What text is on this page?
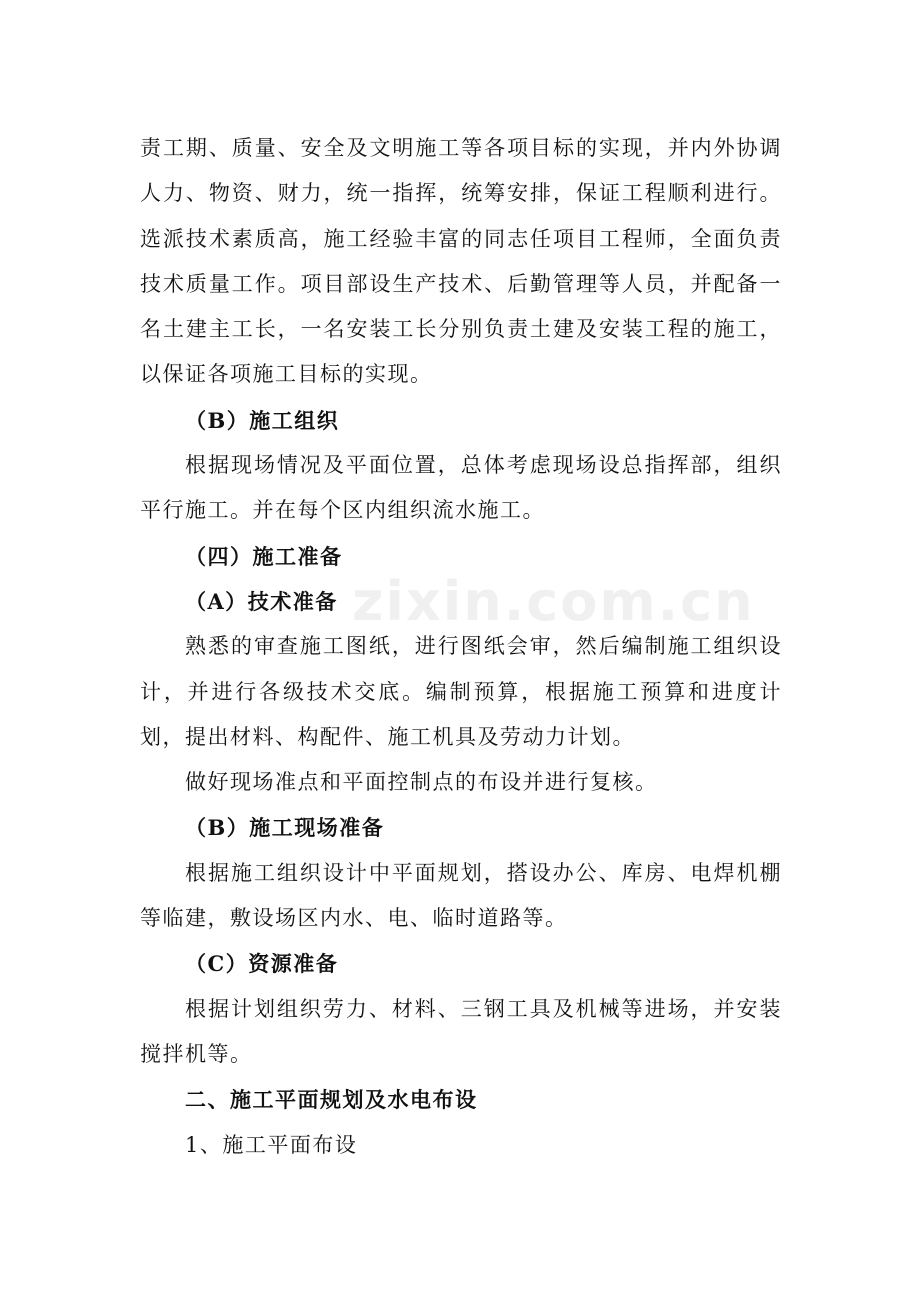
责工期、质量、安全及文明施工等各项目标的实现，并内外协调人力、物资、财力，统一指挥，统筹安排，保证工程顺利进行。选派技术素质高，施工经验丰富的同志任项目工程师，全面负责技术质量工作。项目部设生产技术、后勤管理等人员，并配备一名土建主工长，一名安装工长分别负责土建及安装工程的施工，以保证各项施工目标的实现。

（B）施工组织

根据现场情况及平面位置，总体考虑现场设总指挥部，组织平行施工。并在每个区内组织流水施工。

（四）施工准备

（A）技术准备

熟悉的审查施工图纸，进行图纸会审，然后编制施工组织设计，并进行各级技术交底。编制预算，根据施工预算和进度计划，提出材料、构配件、施工机具及劳动力计划。

做好现场准点和平面控制点的布设并进行复核。

（B）施工现场准备

根据施工组织设计中平面规划，搭设办公、库房、电焊机棚等临建，敷设场区内水、电、临时道路等。

（C）资源准备

根据计划组织劳力、材料、三钢工具及机械等进场，并安装搅拌机等。

二、施工平面规划及水电布设

1、施工平面布设

zixin.com.cn
